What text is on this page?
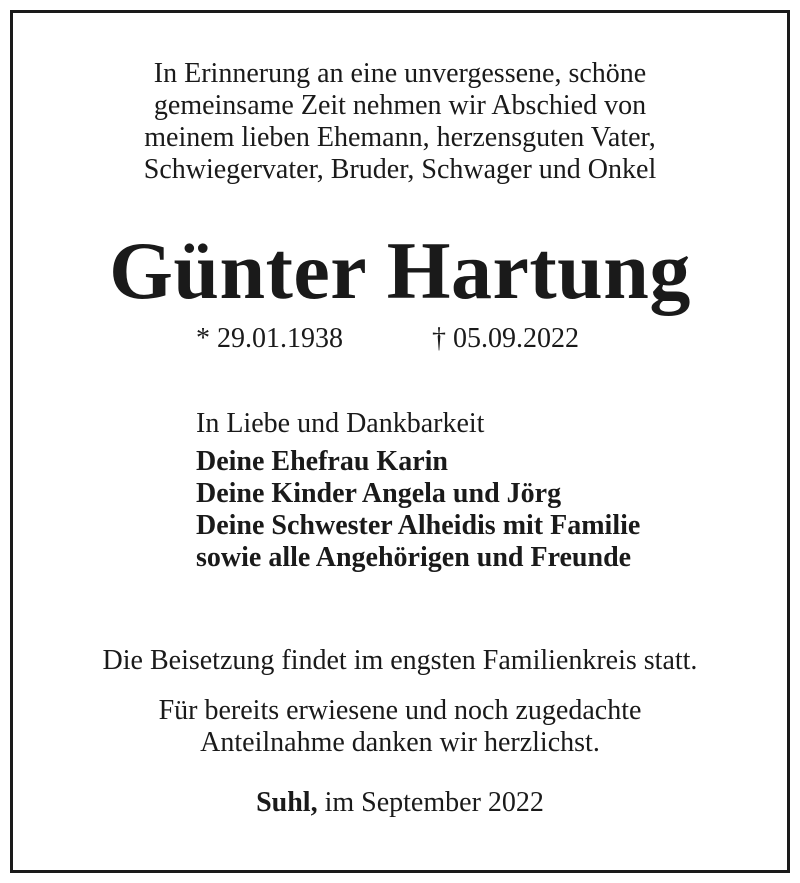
In Erinnerung an eine unvergessene, schöne
gemeinsame Zeit nehmen wir Abschied von
meinem lieben Ehemann, herzensguten Vater,
Schwiegervater, Bruder, Schwager und Onkel
Günter Hartung
* 29.01.1938	† 05.09.2022
In Liebe und Dankbarkeit
Deine Ehefrau Karin
Deine Kinder Angela und Jörg
Deine Schwester Alheidis mit Familie
sowie alle Angehörigen und Freunde
Die Beisetzung findet im engsten Familienkreis statt.
Für bereits erwiesene und noch zugedachte
Anteilnahme danken wir herzlichst.
Suhl, im September 2022
